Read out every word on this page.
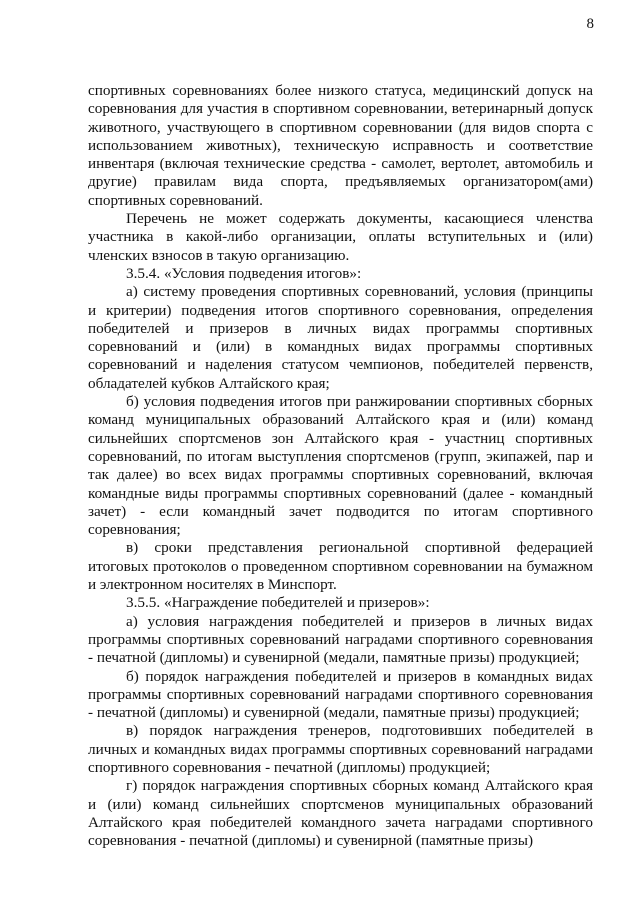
8

спортивных соревнованиях более низкого статуса, медицинский допуск на соревнования для участия в спортивном соревновании, ветеринарный допуск животного, участвующего в спортивном соревновании (для видов спорта с использованием животных), техническую исправность и соответствие инвентаря (включая технические средства - самолет, вертолет, автомобиль и другие) правилам вида спорта, предъявляемых организатором(ами) спортивных соревнований.

Перечень не может содержать документы, касающиеся членства участника в какой-либо организации, оплаты вступительных и (или) членских взносов в такую организацию.

3.5.4. «Условия подведения итогов»:

а) систему проведения спортивных соревнований, условия (принципы и критерии) подведения итогов спортивного соревнования, определения победителей и призеров в личных видах программы спортивных соревнований и (или) в командных видах программы спортивных соревнований и наделения статусом чемпионов, победителей первенств, обладателей кубков Алтайского края;

б) условия подведения итогов при ранжировании спортивных сборных команд муниципальных образований Алтайского края и (или) команд сильнейших спортсменов зон Алтайского края - участниц спортивных соревнований, по итогам выступления спортсменов (групп, экипажей, пар и так далее) во всех видах программы спортивных соревнований, включая командные виды программы спортивных соревнований (далее - командный зачет) - если командный зачет подводится по итогам спортивного соревнования;

в) сроки представления региональной спортивной федерацией итоговых протоколов о проведенном спортивном соревновании на бумажном и электронном носителях в Минспорт.

3.5.5. «Награждение победителей и призеров»:

а) условия награждения победителей и призеров в личных видах программы спортивных соревнований наградами спортивного соревнования - печатной (дипломы) и сувенирной (медали, памятные призы) продукцией;

б) порядок награждения победителей и призеров в командных видах программы спортивных соревнований наградами спортивного соревнования - печатной (дипломы) и сувенирной (медали, памятные призы) продукцией;

в) порядок награждения тренеров, подготовивших победителей в личных и командных видах программы спортивных соревнований наградами спортивного соревнования - печатной (дипломы) продукцией;

г) порядок награждения спортивных сборных команд Алтайского края и (или) команд сильнейших спортсменов муниципальных образований Алтайского края победителей командного зачета наградами спортивного соревнования - печатной (дипломы) и сувенирной (памятные призы)
